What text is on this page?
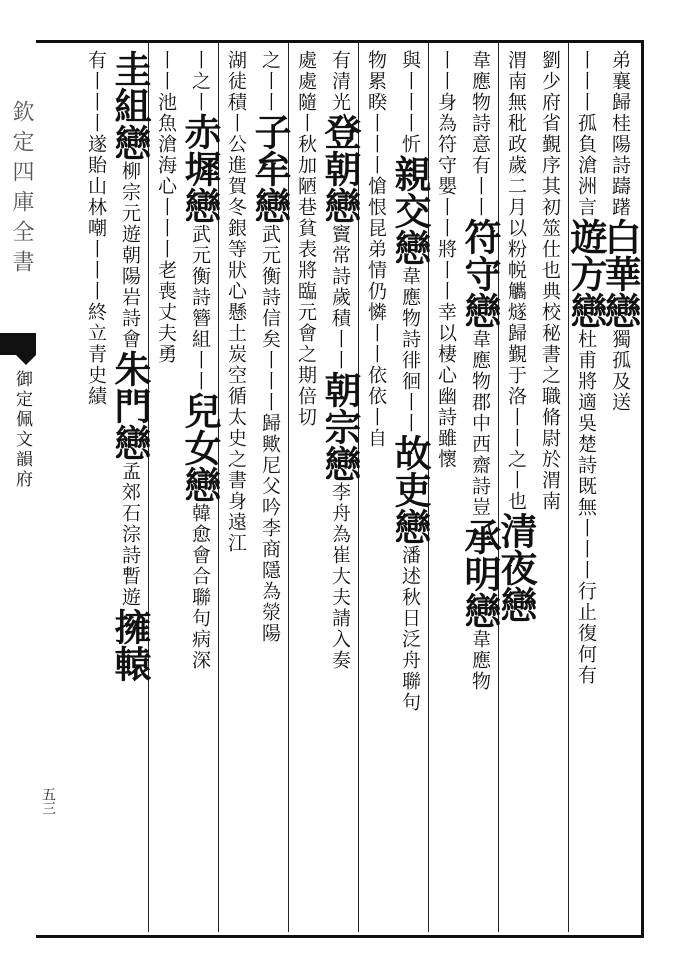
欽定四庫全書
御定佩文韻府
五三
弟襄歸桂陽詩躊躇白華戀獨孤及送
丨丨丨孤負滄洲言遊方戀杜甫將適吳楚詩既無丨丨丨行止復何有
劉少府省覲序其初筮仕也典校秘書之職脩尉於渭南
渭南無秕政歲二月以粉帨觿燧歸覲于洛丨丨之丨也清夜戀
韋應物詩意有丨丨符守戀韋應物郡中西齋詩豈承明戀韋應物
丨丨身為符守嬰丨丨將丨丨幸以棲心幽詩雖懷
與丨丨丨忻親交戀韋應物詩徘徊丨丨故吏戀潘述秋日泛舟聯句
物累睽丨丨丨愴恨昆弟情仍憐丨丨依依丨自
有清光登朝戀竇常詩歲積丨丨朝宗戀李舟為崔大夫請入奏
處處隨丨秋加陋巷貧表將臨元會之期倍切
之丨丨子牟戀武元衡詩信矣丨丨丨歸歟尼父吟李商隱為滎陽
湖徒積丨公進賀冬銀等狀心懸土炭空循太史之書身遠江
丨之丨赤墀戀武元衡詩簪組丨丨兒女戀韓愈會合聯句病深
丨丨池魚滄海心丨丨丨老喪丈夫勇
圭組戀柳宗元遊朝陽岩詩會朱門戀孟郊石淙詩暫遊擁轅
有丨丨丨遂貽山林嘲丨丨丨終立青史績
